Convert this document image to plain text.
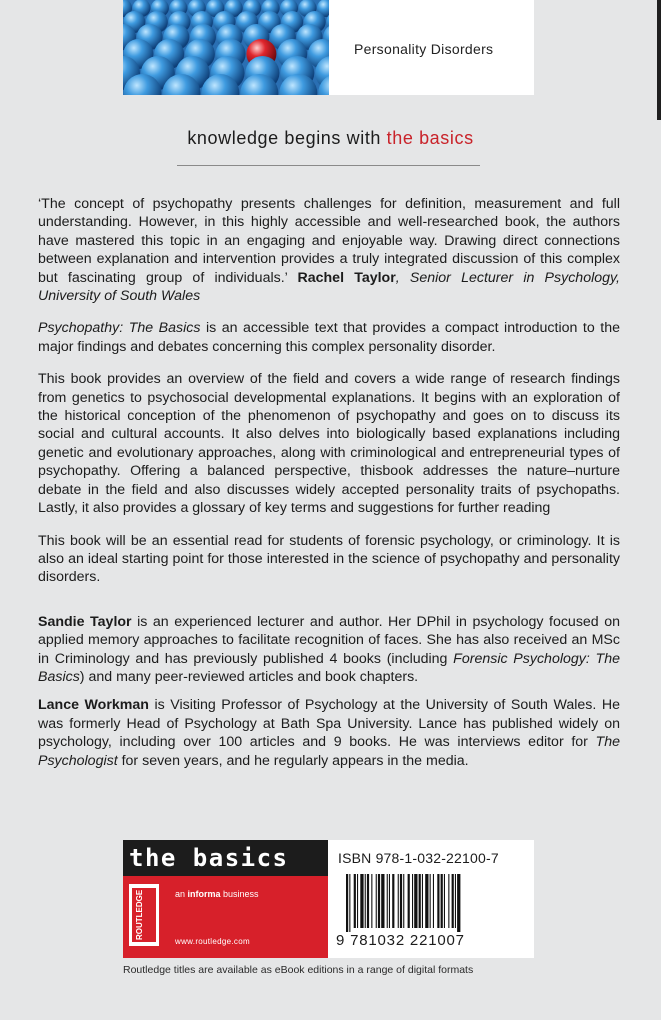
Personality Disorders
knowledge begins with the basics

‘The concept of psychopathy presents challenges for definition, measurement and full understanding. However, in this highly accessible and well-researched book, the authors have mastered this topic in an engaging and enjoyable way. Drawing direct connections between explanation and intervention provides a truly integrated discussion of this complex but fascinating group of individuals.’ Rachel Taylor, Senior Lecturer in Psychology, University of South Wales

Psychopathy: The Basics is an accessible text that provides a compact introduction to the major findings and debates concerning this complex personality disorder.

This book provides an overview of the field and covers a wide range of research findings from genetics to psychosocial developmental explanations. It begins with an exploration of the historical conception of the phenomenon of psychopathy and goes on to discuss its social and cultural accounts. It also delves into biologically based explanations including genetic and evolutionary approaches, along with criminological and entrepreneurial types of psychopathy. Offering a balanced perspective, thisbook addresses the nature–nurture debate in the field and also discusses widely accepted personality traits of psychopaths. Lastly, it also provides a glossary of key terms and suggestions for further reading

This book will be an essential read for students of forensic psychology, or criminology. It is also an ideal starting point for those interested in the science of psychopathy and personality disorders.

Sandie Taylor is an experienced lecturer and author. Her DPhil in psychology focused on applied memory approaches to facilitate recognition of faces. She has also received an MSc in Criminology and has previously published 4 books (including Forensic Psychology: The Basics) and many peer-reviewed articles and book chapters.

Lance Workman is Visiting Professor of Psychology at the University of South Wales. He was formerly Head of Psychology at Bath Spa University. Lance has published widely on psychology, including over 100 articles and 9 books. He was interviews editor for The Psychologist for seven years, and he regularly appears in the media.

the basics
ROUTLEDGE	an informa business
www.routledge.com
ISBN 978-1-032-22100-7
9 781032 221007
Routledge titles are available as eBook editions in a range of digital formats
